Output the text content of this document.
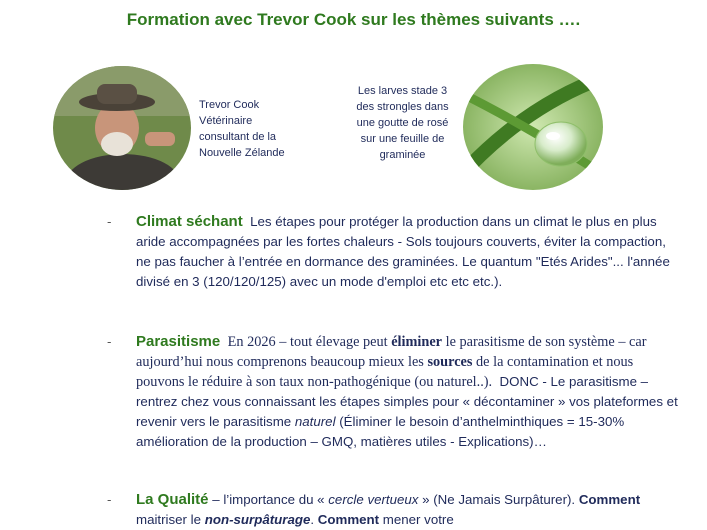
Formation avec Trevor Cook sur les thèmes suivants ….
Trevor Cook
Vétérinaire
consultant de la
Nouvelle Zélande
Les larves stade 3
des strongles dans
une goutte de rosé
sur une feuille de
graminée
- Climat séchant Les étapes pour protéger la production dans un climat le plus en plus aride accompagnées par les fortes chaleurs - Sols toujours couverts, éviter la compaction, ne pas faucher à l’entrée en dormance des graminées. Le quantum "Etés Arides"... l'année divisé en 3 (120/120/125) avec un mode d'emploi etc etc etc.).
- Parasitisme En 2026 – tout élevage peut éliminer le parasitisme de son système – car aujourd’hui nous comprenons beaucoup mieux les sources de la contamination et nous pouvons le réduire à son taux non-pathogénique (ou naturel..). DONC - Le parasitisme – rentrez chez vous connaissant les étapes simples pour « décontaminer » vos plateformes et revenir vers le parasitisme naturel (Éliminer le besoin d’anthelminthiques = 15-30% amélioration de la production – GMQ, matières utiles - Explications)…
- La Qualité – l’importance du « cercle vertueux » (Ne Jamais Surpâturer). Comment maitriser le non-surpâturage. Comment mener votre
